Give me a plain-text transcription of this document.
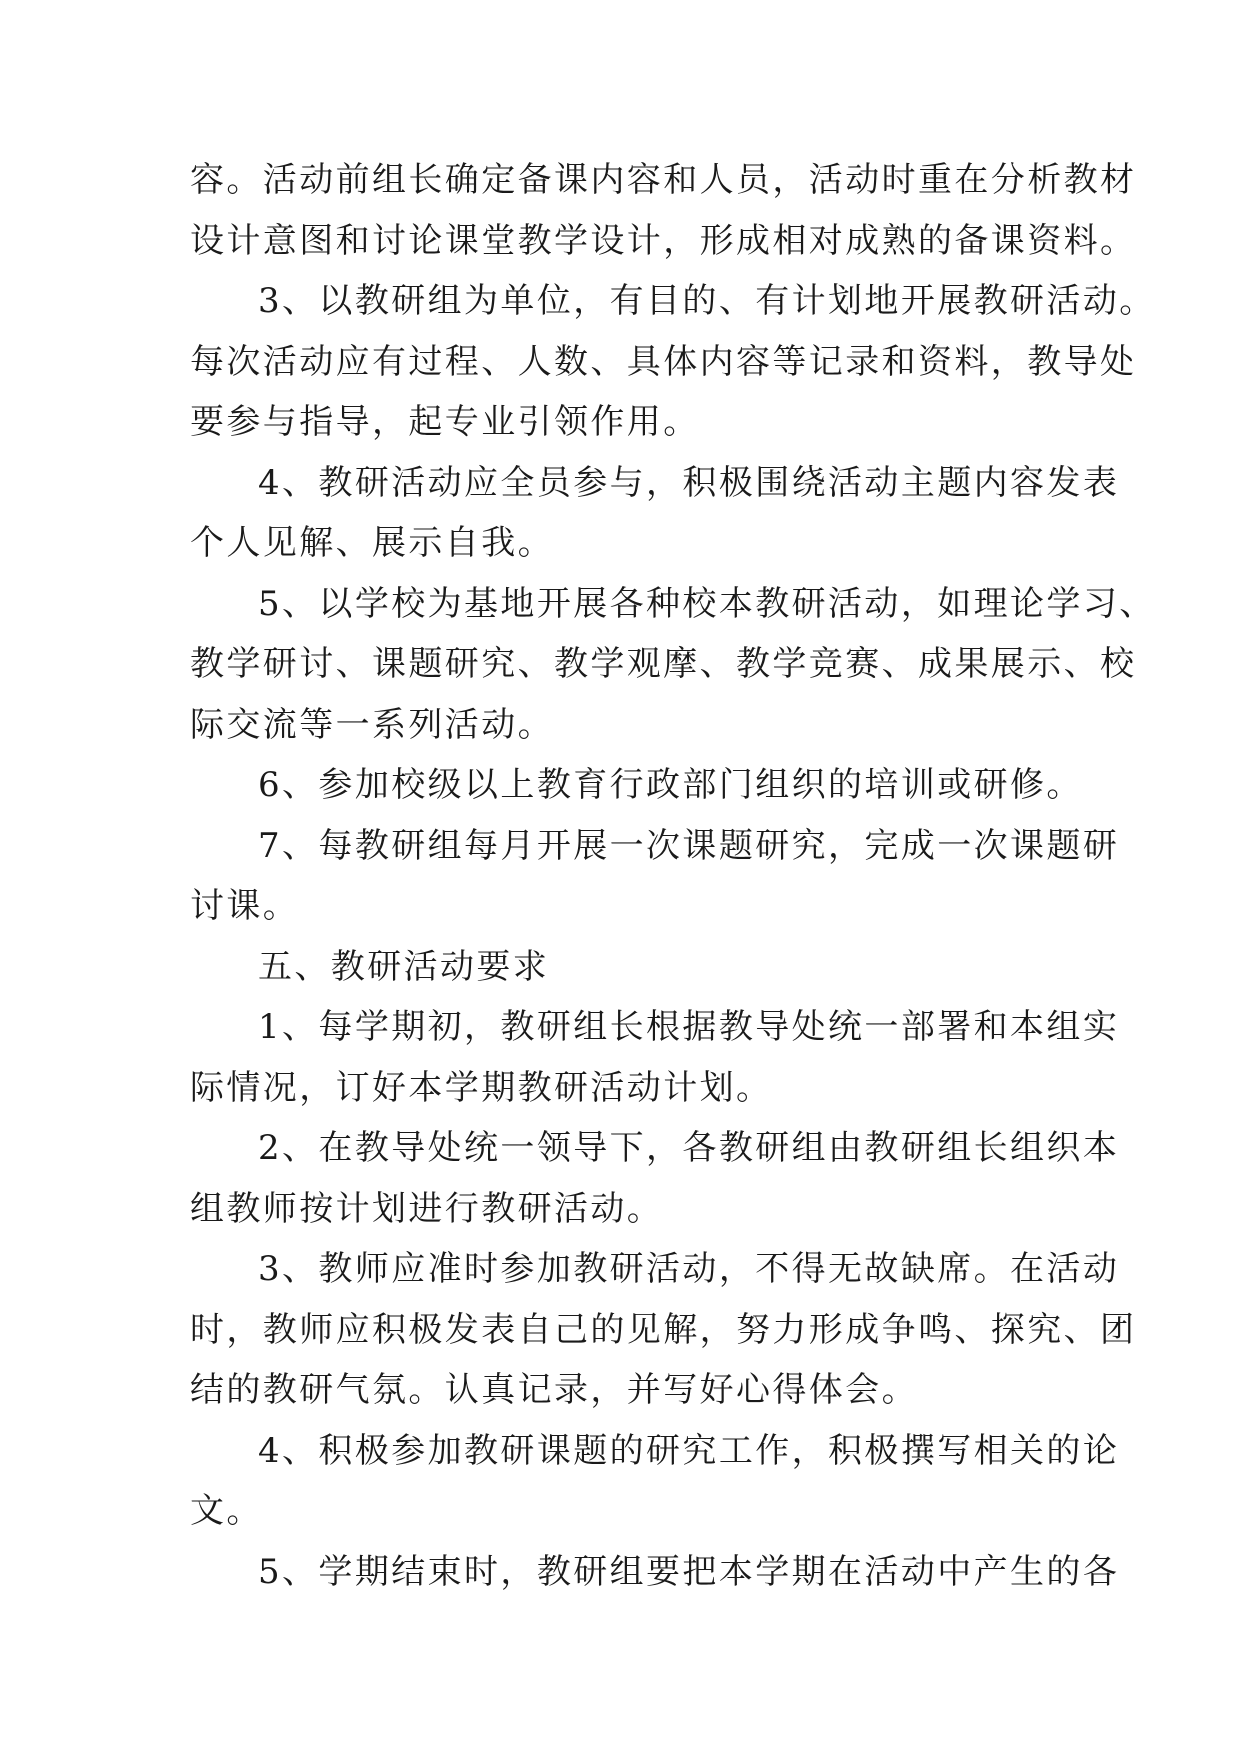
容。活动前组长确定备课内容和人员，活动时重在分析教材
设计意图和讨论课堂教学设计，形成相对成熟的备课资料。
3、以教研组为单位，有目的、有计划地开展教研活动。
每次活动应有过程、人数、具体内容等记录和资料，教导处
要参与指导，起专业引领作用。
4、教研活动应全员参与，积极围绕活动主题内容发表
个人见解、展示自我。
5、以学校为基地开展各种校本教研活动，如理论学习、
教学研讨、课题研究、教学观摩、教学竞赛、成果展示、校
际交流等一系列活动。
6、参加校级以上教育行政部门组织的培训或研修。
7、每教研组每月开展一次课题研究，完成一次课题研
讨课。
五、教研活动要求
1、每学期初，教研组长根据教导处统一部署和本组实
际情况，订好本学期教研活动计划。
2、在教导处统一领导下，各教研组由教研组长组织本
组教师按计划进行教研活动。
3、教师应准时参加教研活动，不得无故缺席。在活动
时，教师应积极发表自己的见解，努力形成争鸣、探究、团
结的教研气氛。认真记录，并写好心得体会。
4、积极参加教研课题的研究工作，积极撰写相关的论
文。
5、学期结束时，教研组要把本学期在活动中产生的各
